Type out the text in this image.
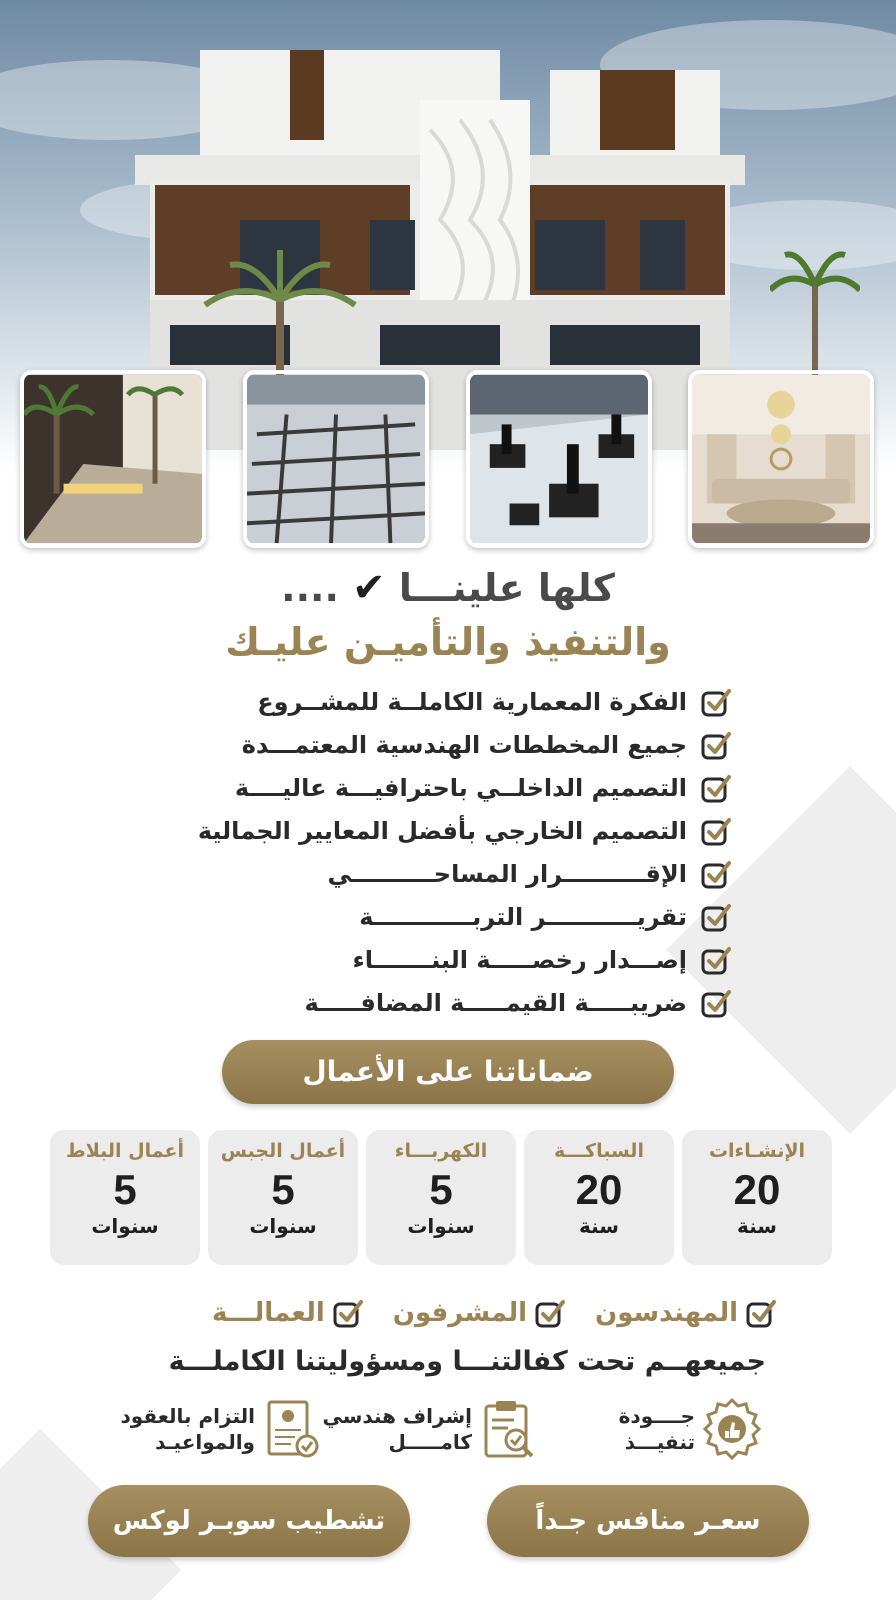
كلها علينـــا ✔ ....
والتنفيذ والتأميـن عليـك
الفكرة المعمارية الكاملــة للمشــروع
جميع المخططات الهندسية المعتمـــدة
التصميم الداخلــي باحترافيـــة عاليــــة
التصميم الخارجي بأفضل المعايير الجمالية
الإقــــــــــرار المساحــــــــــي
تقريـــــــــــر التربــــــــــــة
إصـــدار رخصـــــة البنـــــــاء
ضريبـــــة القيمـــــة المضافـــــة
ضماناتنا على الأعمال
الإنشـاءات
20
سنة
السباكـــة
20
سنة
الكهربـــاء
5
سنوات
أعمال الجبس
5
سنوات
أعمال البلاط
5
سنوات
المهندسون
المشرفون
العمالـــة
جميعهــم تحت كفالتنـــا ومسؤوليتنا الكاملـــة
جــــودة
تنفيـــذ
إشراف هندسي
كامـــــل
التزام بالعقود
والمواعيـد
سعـر منافس جـداً
تشطيب سوبـر لوكس
